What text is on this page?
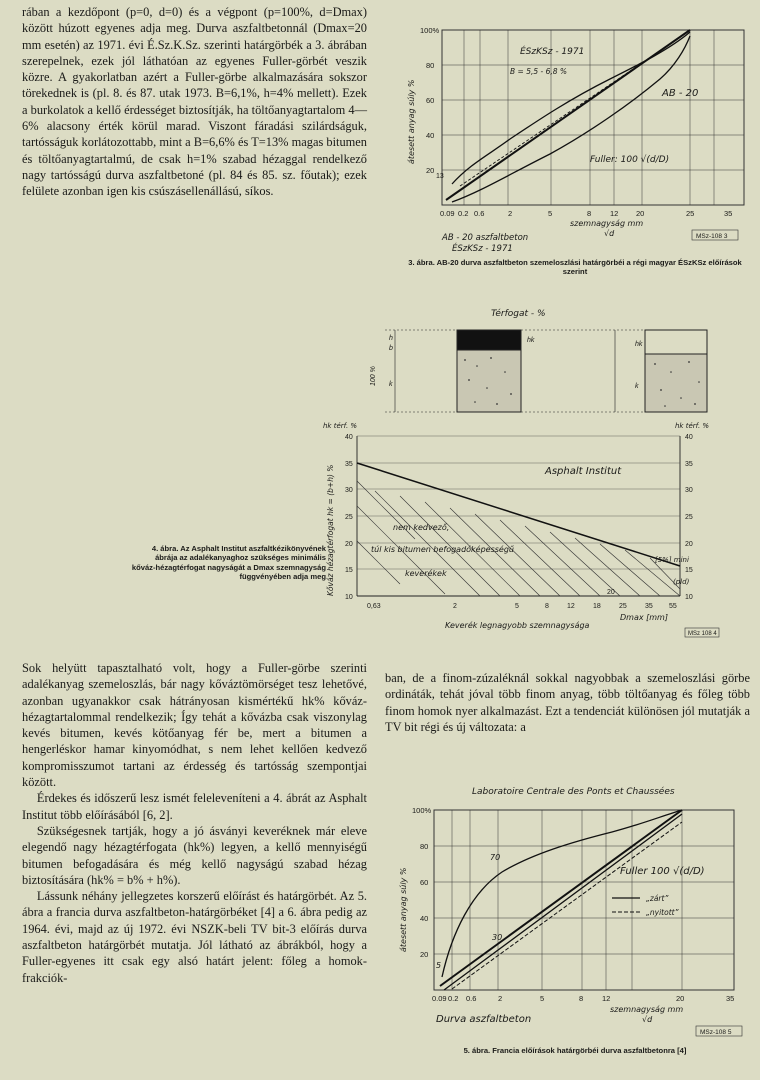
rában a kezdőpont (p=0, d=0) és a végpont (p=100%, d=Dmax) között húzott egyenes adja meg. Durva aszfaltbetonnál (Dmax=20 mm esetén) az 1971. évi É.Sz.K.Sz. szerinti határgörbék a 3. ábrában szerepelnek, ezek jól láthatóan az egyenes Fuller-görbét veszik közre. A gyakorlatban azért a Fuller-görbe alkalmazására sokszor törekednek is (pl. 8. és 87. utak 1973. B=6,1%, h=4% mellett). Ezek a burkolatok a kellő érdességet biztosítják, ha töltőanyagtartalom 4—6% alacsony érték körül marad. Viszont fáradási szilárdságuk, tartósságuk korlátozottabb, mint a B=6,6% és T=13% magas bitumen és töltőanyagtartalmú, de csak h=1% szabad hézaggal rendelkező nagy tartósságú durva aszfaltbetoné (pl. 84 és 85. sz. főutak); ezek felülete azonban igen kis csúszásellenállású, síkos.

20
40
60
80
100%
0.09 0.2 0.6	2	5	8	12 20	25	35
átesett anyag súly %
szemnagyság mm
√d
ÉSzKSz - 1971
B = 5,5 - 6,8 %
AB - 20
Fuller: 100 √(d/D)
13
AB - 20 aszfaltbeton
ÉSzKSz - 1971
MSz-108 3
3. ábra. AB-20 durva aszfaltbeton szemeloszlási határgörbéi a régi magyar ÉSzKSz előírások szerint
Térfogat - %
hk
100 % k
h
b
hk
k
10
15
20
25
30
35
40
10
15
20
25
30
35
40
0,63	2	5	8	12	18	25	35 55
hk térf. %	hk térf. %
Kőváz hézagtérfogat hk = (b+h) %	Asphalt Institut
nem kedvező,
túl kis bitumen befogadóképességű
keverékek
[5%] mini
(pld)
20
Keverék legnagyobb szemnagysága
Dmax [mm]
MSz 108 4
4. ábra. Az Asphalt Institut aszfaltkézikönyvének
ábrája az adalékanyaghoz szükséges minimális
kőváz-hézagtérfogat nagyságát a Dmax szemnagyság
függvényében adja meg

Sok helyütt tapasztalható volt, hogy a Fuller-görbe szerinti adalékanyag szemeloszlás, bár nagy kőváztömörséget tesz lehetővé, azonban ugyanakkor csak hátrányosan kismértékű hk% kőváz-hézagtartalommal rendelkezik; Így tehát a kővázba csak viszonylag kevés bitumen, kevés kötőanyag fér be, mert a bitumen a hengerléskor hamar kinyomódhat, s nem lehet kellően kedvező kompromisszumot tartani az érdesség és tartósság szempontjai között.

Érdekes és időszerű lesz ismét feleleveníteni a 4. ábrát az Asphalt Institut több előírásából [6, 2].

Szükségesnek tartják, hogy a jó ásványi keveréknek már eleve elegendő nagy hézagtérfogata (hk%) legyen, a kellő mennyiségű bitumen befogadására és még kellő nagyságú szabad hézag biztosítására (hk% = b% + h%).

Lássunk néhány jellegzetes korszerű előírást és határgörbét. Az 5. ábra a francia durva aszfaltbeton-határgörbéket [4] a 6. ábra pedig az 1964. évi, majd az új 1972. évi NSZK-beli TV bit-3 előírás durva aszfaltbeton határgörbét mutatja. Jól látható az ábrákból, hogy a Fuller-egyenes itt csak egy alsó határt jelent: főleg a homok-frakciók-

ban, de a finom-zúzaléknál sokkal nagyobbak a szemeloszlási görbe ordináták, tehát jóval több finom anyag, több töltőanyag és főleg több finom homok nyer alkalmazást. Ezt a tendenciát különösen jól mutatják a TV bit régi és új változata: a

Laboratoire Centrale des Ponts et Chaussées
20
40
60
80
100%
0.09 0.2 0.6	2	5	8	12	20	35
átesett anyag súly %
szemnagyság mm
√d
70
30
5
Fuller 100 √(d/D)
„zárt”
„nyitott”
Durva aszfaltbeton
MSz-108 5
5. ábra. Francia előírások határgörbéi durva aszfaltbetonra [4]
